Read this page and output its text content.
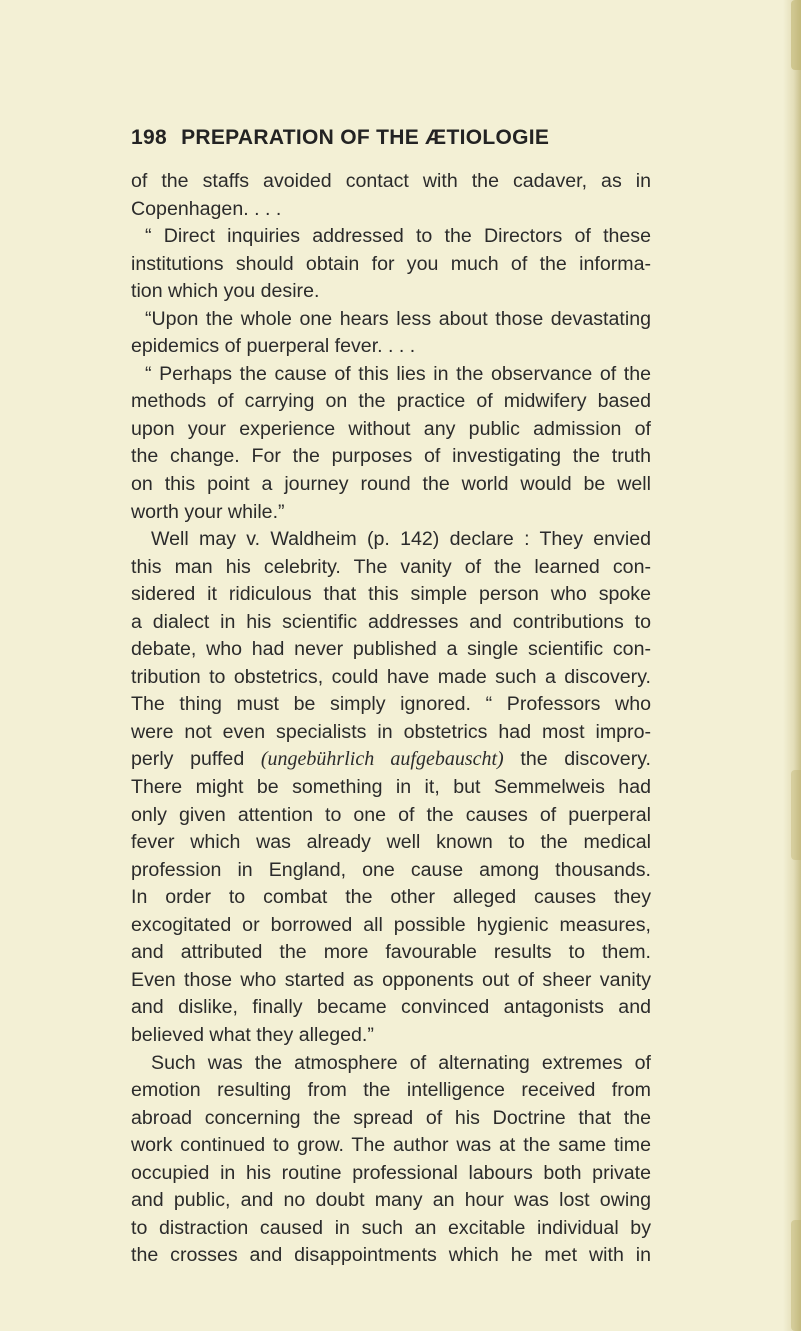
198 PREPARATION OF THE ÆTIOLOGIE
of the staffs avoided contact with the cadaver, as in
Copenhagen. . . .
“ Direct inquiries addressed to the Directors of these
institutions should obtain for you much of the informa-
tion which you desire.
“Upon the whole one hears less about those devastating
epidemics of puerperal fever. . . .
“ Perhaps the cause of this lies in the observance of the
methods of carrying on the practice of midwifery based
upon your experience without any public admission of
the change. For the purposes of investigating the truth
on this point a journey round the world would be well
worth your while.”
Well may v. Waldheim (p. 142) declare : They envied
this man his celebrity. The vanity of the learned con-
sidered it ridiculous that this simple person who spoke
a dialect in his scientific addresses and contributions to
debate, who had never published a single scientific con-
tribution to obstetrics, could have made such a discovery.
The thing must be simply ignored. “ Professors who
were not even specialists in obstetrics had most impro-
perly puffed (ungebührlich aufgebauscht) the discovery.
There might be something in it, but Semmelweis had
only given attention to one of the causes of puerperal
fever which was already well known to the medical
profession in England, one cause among thousands.
In order to combat the other alleged causes they
excogitated or borrowed all possible hygienic measures,
and attributed the more favourable results to them.
Even those who started as opponents out of sheer vanity
and dislike, finally became convinced antagonists and
believed what they alleged.”
Such was the atmosphere of alternating extremes of
emotion resulting from the intelligence received from
abroad concerning the spread of his Doctrine that the
work continued to grow. The author was at the same time
occupied in his routine professional labours both private
and public, and no doubt many an hour was lost owing
to distraction caused in such an excitable individual by
the crosses and disappointments which he met with in
